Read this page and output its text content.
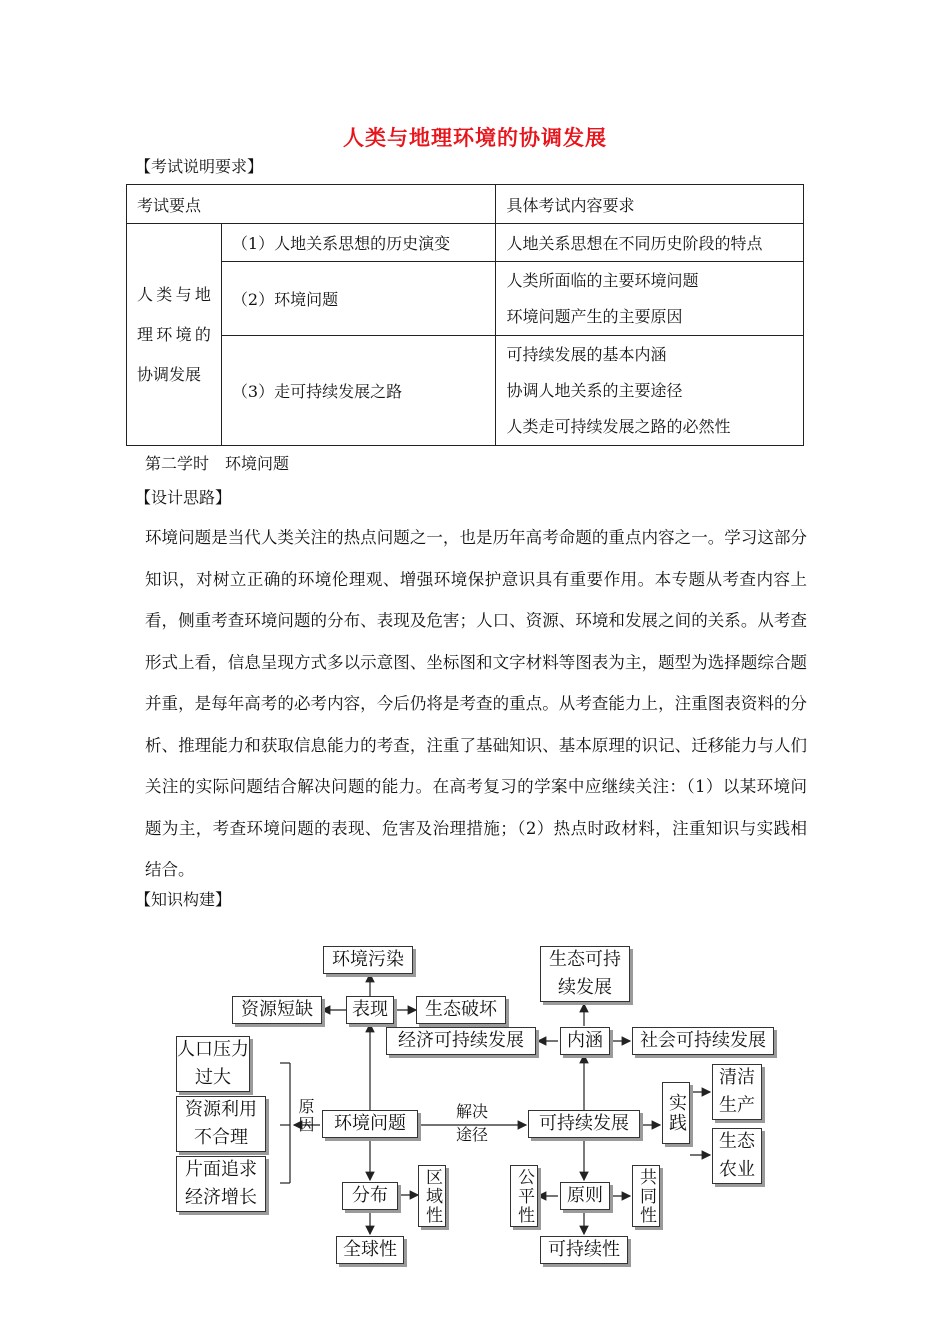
人类与地理环境的协调发展
【考试说明要求】
考试要点		具体考试内容要求
人类与地理环境的协调发展	（1）人地关系思想的历史演变	人地关系思想在不同历史阶段的特点
	（2）环境问题	人类所面临的主要环境问题
环境问题产生的主要原因

	（3）走可持续发展之路	可持续发展的基本内涵
协调人地关系的主要途径
人类走可持续发展之路的必然性
第二学时　环境问题
【设计思路】

环境问题是当代人类关注的热点问题之一，也是历年高考命题的重点内容之一。学习这部分知识，对树立正确的环境伦理观、增强环境保护意识具有重要作用。本专题从考查内容上看，侧重考查环境问题的分布、表现及危害；人口、资源、环境和发展之间的关系。从考查形式上看，信息呈现方式多以示意图、坐标图和文字材料等图表为主，题型为选择题综合题并重，是每年高考的必考内容，今后仍将是考查的重点。从考查能力上，注重图表资料的分析、推理能力和获取信息能力的考查，注重了基础知识、基本原理的识记、迁移能力与人们关注的实际问题结合解决问题的能力。在高考复习的学案中应继续关注：（1）以某环境问题为主，考查环境问题的表现、危害及治理措施；（2）热点时政材料，注重知识与实践相结合。

【知识构建】
环境污染
资源短缺	表现	生态破坏
人口压力过大
资源利用不合理
片面追求经济增长
原因	环境问题
解决途径
分布	区域性
全球性
生态可持续发展
经济可持续发展	内涵	社会可持续发展
可持续发展	实践
清洁生产
生态农业
公平性	原则	共同性
可持续性
